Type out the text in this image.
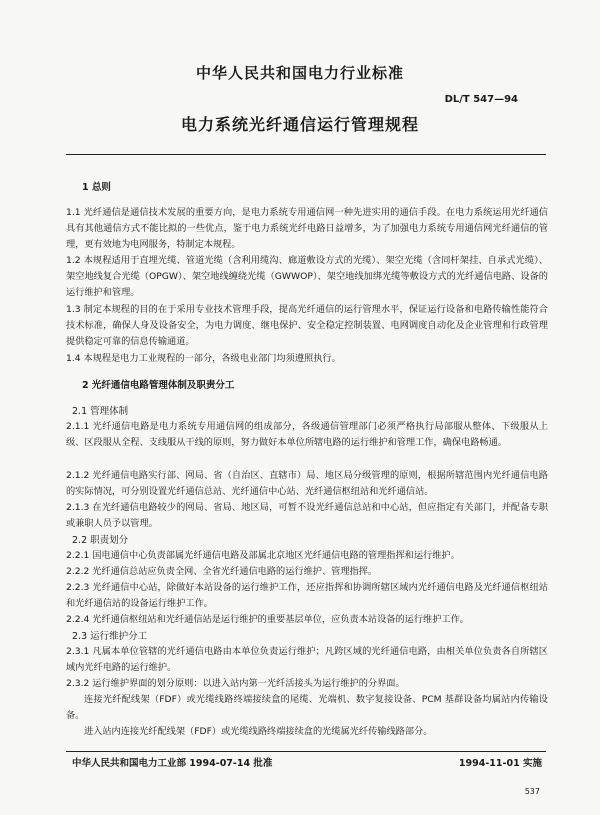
中华人民共和国电力行业标准
DL/T 547—94
电力系统光纤通信运行管理规程
1 总则
1.1 光纤通信是通信技术发展的重要方向，是电力系统专用通信网一种先进实用的通信手段。在电力系统运用光纤通信具有其他通信方式不能比拟的一些优点，鉴于电力系统光纤电路日益增多，为了加强电力系统专用通信网光纤通信的管理，更有效地为电网服务，特制定本规程。
1.2 本规程适用于直埋光缆、管道光缆（含利用缆沟、廊道敷设方式的光缆）、架空光缆（含同杆架挂、自承式光缆）、架空地线复合光缆（OPGW）、架空地线缠绕光缆（GWWOP）、架空地线加绑光缆等敷设方式的光纤通信电路、设备的运行维护和管理。
1.3 制定本规程的目的在于采用专业技术管理手段，提高光纤通信的运行管理水平，保证运行设备和电路传输性能符合技术标准，确保人身及设备安全，为电力调度、继电保护、安全稳定控制装置、电网调度自动化及企业管理和行政管理提供稳定可靠的信息传输通道。
1.4 本规程是电力工业规程的一部分，各级电业部门均须遵照执行。
2 光纤通信电路管理体制及职责分工
2.1 管理体制
2.1.1 光纤通信电路是电力系统专用通信网的组成部分，各级通信管理部门必须严格执行局部服从整体、下级服从上级、区段服从全程、支线服从干线的原则，努力做好本单位所辖电路的运行维护和管理工作，确保电路畅通。
2.1.2 光纤通信电路实行部、网局、省（自治区、直辖市）局、地区局分级管理的原则，根据所辖范围内光纤通信电路的实际情况，可分别设置光纤通信总站、光纤通信中心站、光纤通信枢纽站和光纤通信站。
2.1.3 在光纤通信电路较少的网局、省局、地区局，可暂不设光纤通信总站和中心站，但应指定有关部门，并配备专职或兼职人员予以管理。
2.2 职责划分
2.2.1 国电通信中心负责部属光纤通信电路及部属北京地区光纤通信电路的管理指挥和运行维护。
2.2.2 光纤通信总站应负责全网、全省光纤通信电路的运行维护、管理指挥。
2.2.3 光纤通信中心站，除做好本站设备的运行维护工作，还应指挥和协调所辖区域内光纤通信电路及光纤通信枢纽站和光纤通信站的设备运行维护工作。
2.2.4 光纤通信枢纽站和光纤通信站是运行维护的重要基层单位，应负责本站设备的运行维护工作。
2.3 运行维护分工
2.3.1 凡属本单位管辖的光纤通信电路由本单位负责运行维护；凡跨区域的光纤通信电路，由相关单位负责各自所辖区域内光纤电路的运行维护。
2.3.2 运行维护界面的划分原则：以进入站内第一光纤活接头为运行维护的分界面。
连接光纤配线架（FDF）或光缆线路终端接续盒的尾缆、光端机、数字复接设备、PCM 基群设备均属站内传输设备。
进入站内连接光纤配线架（FDF）或光缆线路终端接续盒的光缆属光纤传输线路部分。
中华人民共和国电力工业部 1994-07-14 批准	1994-11-01 实施
537
